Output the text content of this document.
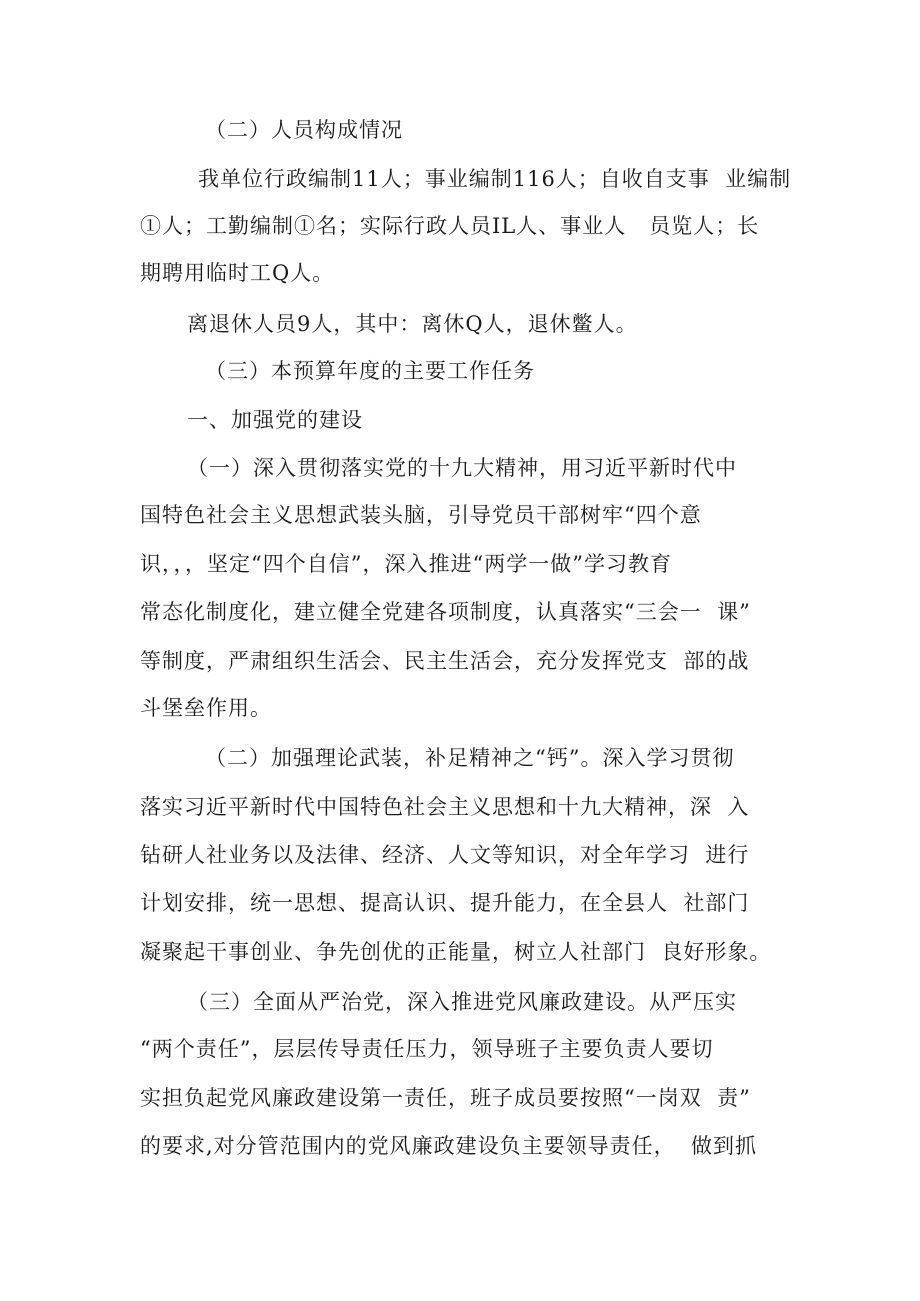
（二）人员构成情况
我单位行政编制11人；事业编制116人；自收自支事  业编制
①人；工勤编制①名；实际行政人员IL人、事业人   员览人；长
期聘用临时工Q人。
离退休人员9人，其中：离休Q人，退休鳖人。
（三）本预算年度的主要工作任务
一、加强党的建设
（一）深入贯彻落实党的十九大精神，用习近平新时代中
国特色社会主义思想武装头脑，引导党员干部树牢“四个意
识，，，坚定“四个自信”，深入推进“两学一做”学习教育
常态化制度化，建立健全党建各项制度，认真落实“三会一  课”
等制度，严肃组织生活会、民主生活会，充分发挥党支  部的战
斗堡垒作用。
（二）加强理论武装，补足精神之“钙”。深入学习贯彻
落实习近平新时代中国特色社会主义思想和十九大精神，深  入
钻研人社业务以及法律、经济、人文等知识，对全年学习  进行
计划安排，统一思想、提高认识、提升能力，在全县人  社部门
凝聚起干事创业、争先创优的正能量，树立人社部门  良好形象。
（三）全面从严治党，深入推进党风廉政建设。从严压实
“两个责任”，层层传导责任压力，领导班子主要负责人要切
实担负起党风廉政建设第一责任，班子成员要按照“一岗双  责”
的要求,对分管范围内的党风廉政建设负主要领导责任，  做到抓
